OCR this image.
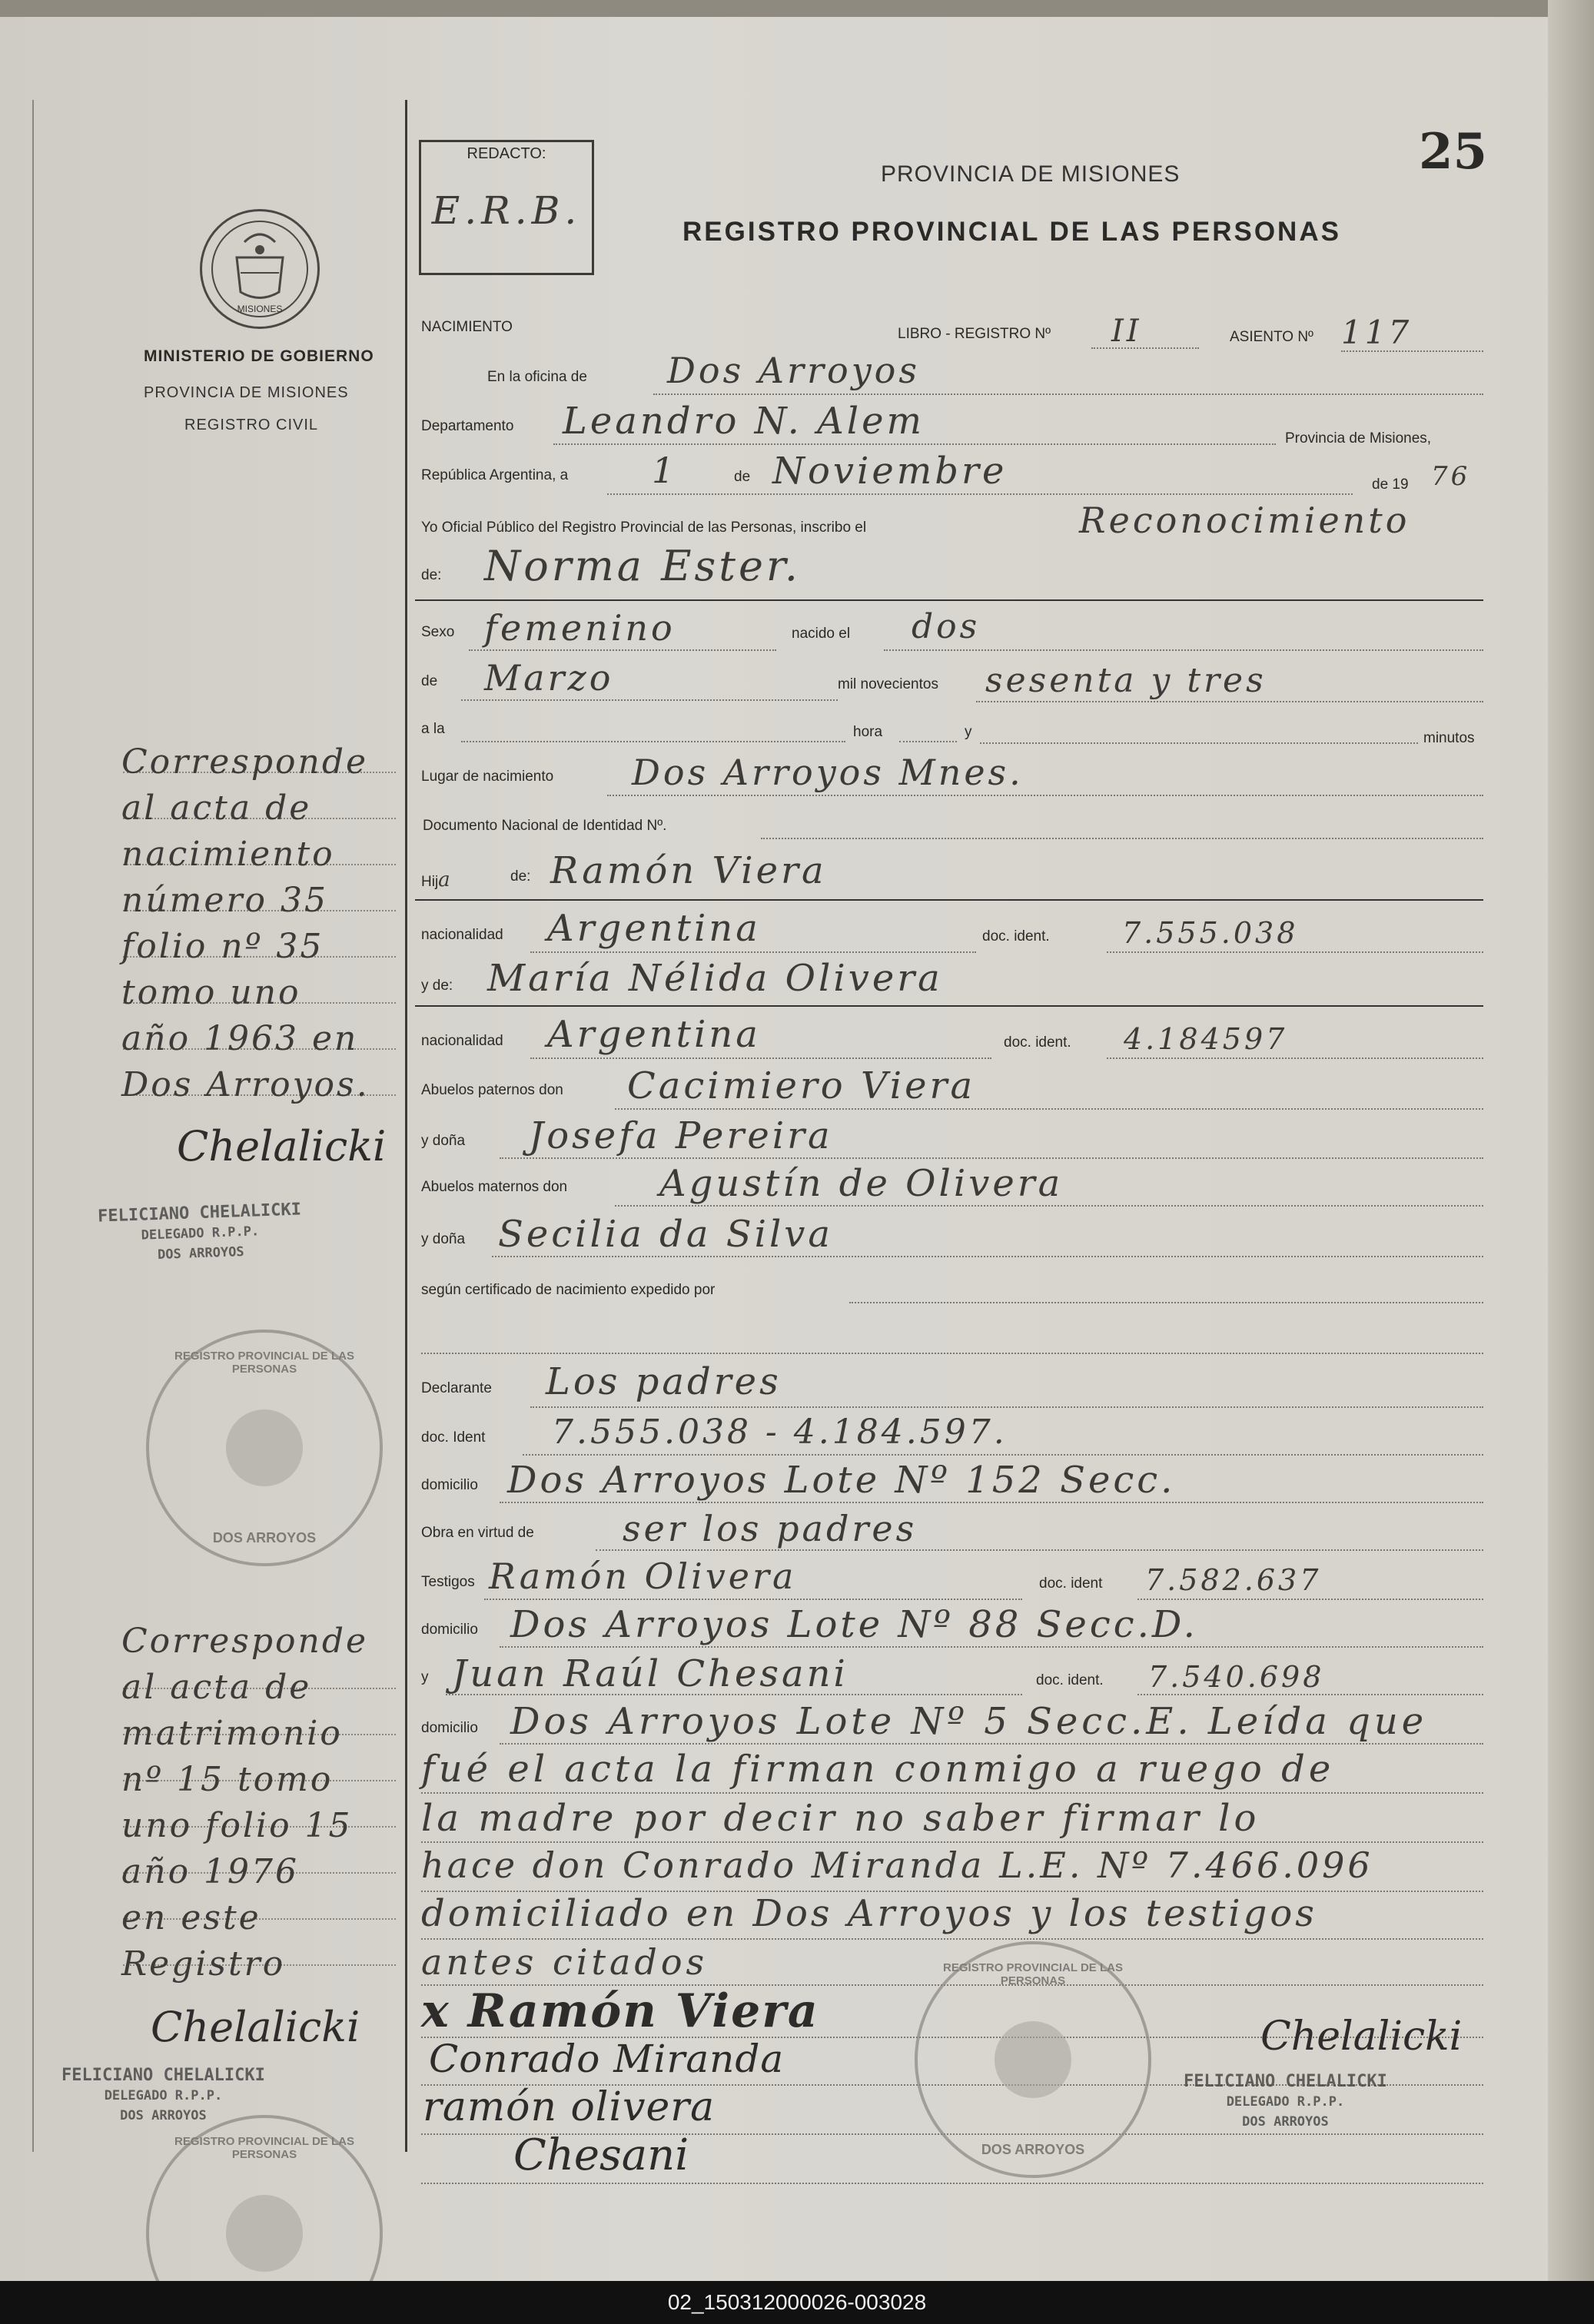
25
REDACTO:
E.R.B.
PROVINCIA DE MISIONES
REGISTRO PROVINCIAL DE LAS PERSONAS
MISIONES
MINISTERIO DE GOBIERNO
PROVINCIA DE MISIONES
REGISTRO CIVIL
NACIMIENTO	LIBRO - REGISTRO Nº II	ASIENTO Nº 117
En la oficina de Dos Arroyos
Departamento Leandro N. Alem	Provincia de Misiones,
República Argentina, a 1	de Noviembre	de 19 76
Yo Oficial Público del Registro Provincial de las Personas, inscribo el	Reconocimiento
de: Norma Ester.
Sexo femenino	nacido el dos
de Marzo	mil novecientos sesenta y tres
a la	hora	y	minutos
Lugar de nacimiento Dos Arroyos Mnes.
Documento Nacional de Identidad Nº.
Hija	de: Ramón Viera
nacionalidad Argentina	doc. ident. 7.555.038
y de: María Nélida Olivera
nacionalidad Argentina	doc. ident. 4.184597
Abuelos paternos don Cacimiero Viera
y doña Josefa Pereira
Abuelos maternos don Agustín de Olivera
y doña Secilia da Silva
según certificado de nacimiento expedido por
Declarante Los padres
doc. Ident 7.555.038 - 4.184.597.
domicilio Dos Arroyos Lote Nº 152 Secc.
Obra en virtud de	ser los padres
Testigos Ramón Olivera	doc. ident 7.582.637
domicilio Dos Arroyos Lote Nº 88 Secc.D.
y Juan Raúl Chesani	doc. ident. 7.540.698
domicilio Dos Arroyos Lote Nº 5 Secc.E. Leída que
fué el acta la firman conmigo a ruego de
la madre por decir no saber firmar lo
hace don Conrado Miranda L.E. Nº 7.466.096
domiciliado en Dos Arroyos y los testigos
antes citados
x Ramón Viera
Conrado Miranda
ramón olivera
Chesani
Corresponde
al acta de
nacimiento
número 35
folio nº 35
tomo uno
año 1963 en
Dos Arroyos.
Chelalicki
FELICIANO CHELALICKI
DELEGADO R.P.P.
DOS ARROYOS
REGISTRO PROVINCIAL DE LAS PERSONAS
DOS ARROYOS
Corresponde
al acta de
matrimonio
nº 15 tomo
uno folio 15
año 1976
en este
Registro
Chelalicki
FELICIANO CHELALICKI
DELEGADO R.P.P.
DOS ARROYOS
REGISTRO PROVINCIAL DE LAS PERSONAS
REGISTRO PROVINCIAL DE LAS PERSONAS
DOS ARROYOS
Chelalicki
FELICIANO CHELALICKI
DELEGADO R.P.P.
DOS ARROYOS
02_150312000026-003028
